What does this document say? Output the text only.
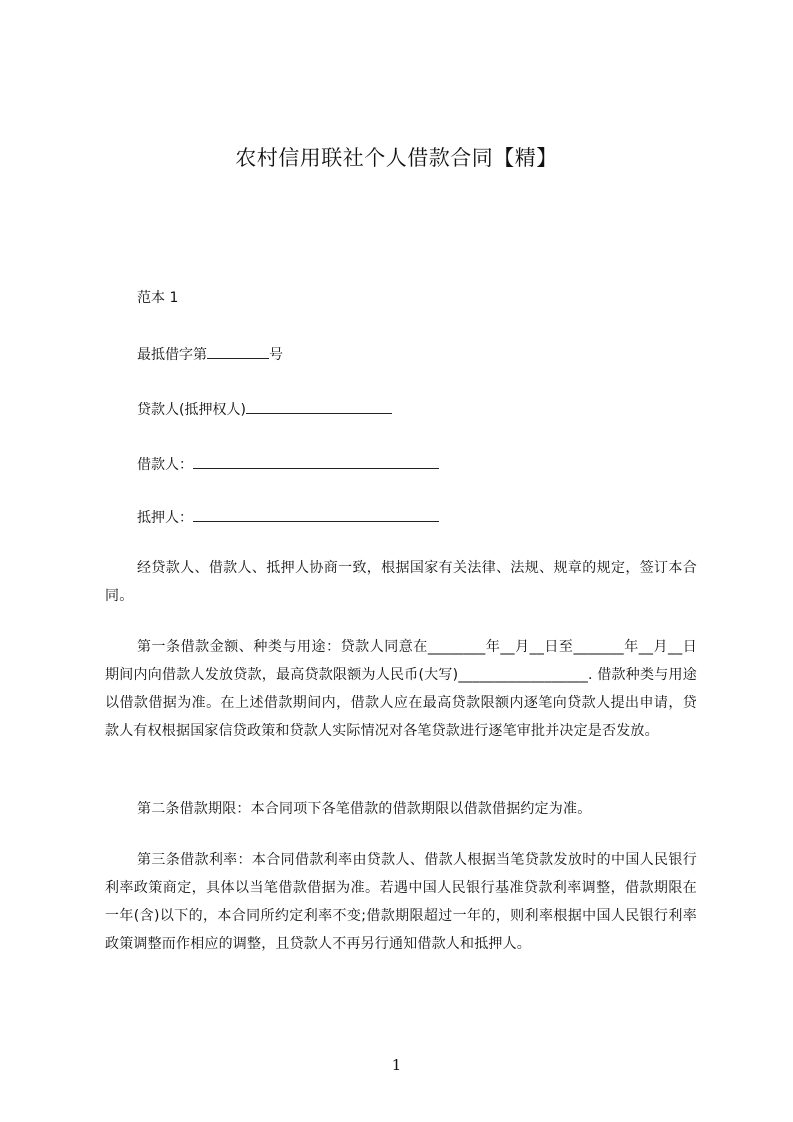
农村信用联社个人借款合同【精】
范本 1
最抵借字第	号
贷款人(抵押权人)
借款人：
抵押人：

经贷款人、借款人、抵押人协商一致，根据国家有关法律、法规、规章的规定，签订本合同。

第一条借款金额、种类与用途：贷款人同意在________年__月__日至_______年__月__日期间内向借款人发放贷款，最高贷款限额为人民币(大写)__________________. 借款种类与用途以借款借据为准。在上述借款期间内，借款人应在最高贷款限额内逐笔向贷款人提出申请，贷款人有权根据国家信贷政策和贷款人实际情况对各笔贷款进行逐笔审批并决定是否发放。

第二条借款期限：本合同项下各笔借款的借款期限以借款借据约定为准。

第三条借款利率：本合同借款利率由贷款人、借款人根据当笔贷款发放时的中国人民银行利率政策商定，具体以当笔借款借据为准。若遇中国人民银行基准贷款利率调整，借款期限在一年(含)以下的，本合同所约定利率不变;借款期限超过一年的，则利率根据中国人民银行利率政策调整而作相应的调整，且贷款人不再另行通知借款人和抵押人。

1
